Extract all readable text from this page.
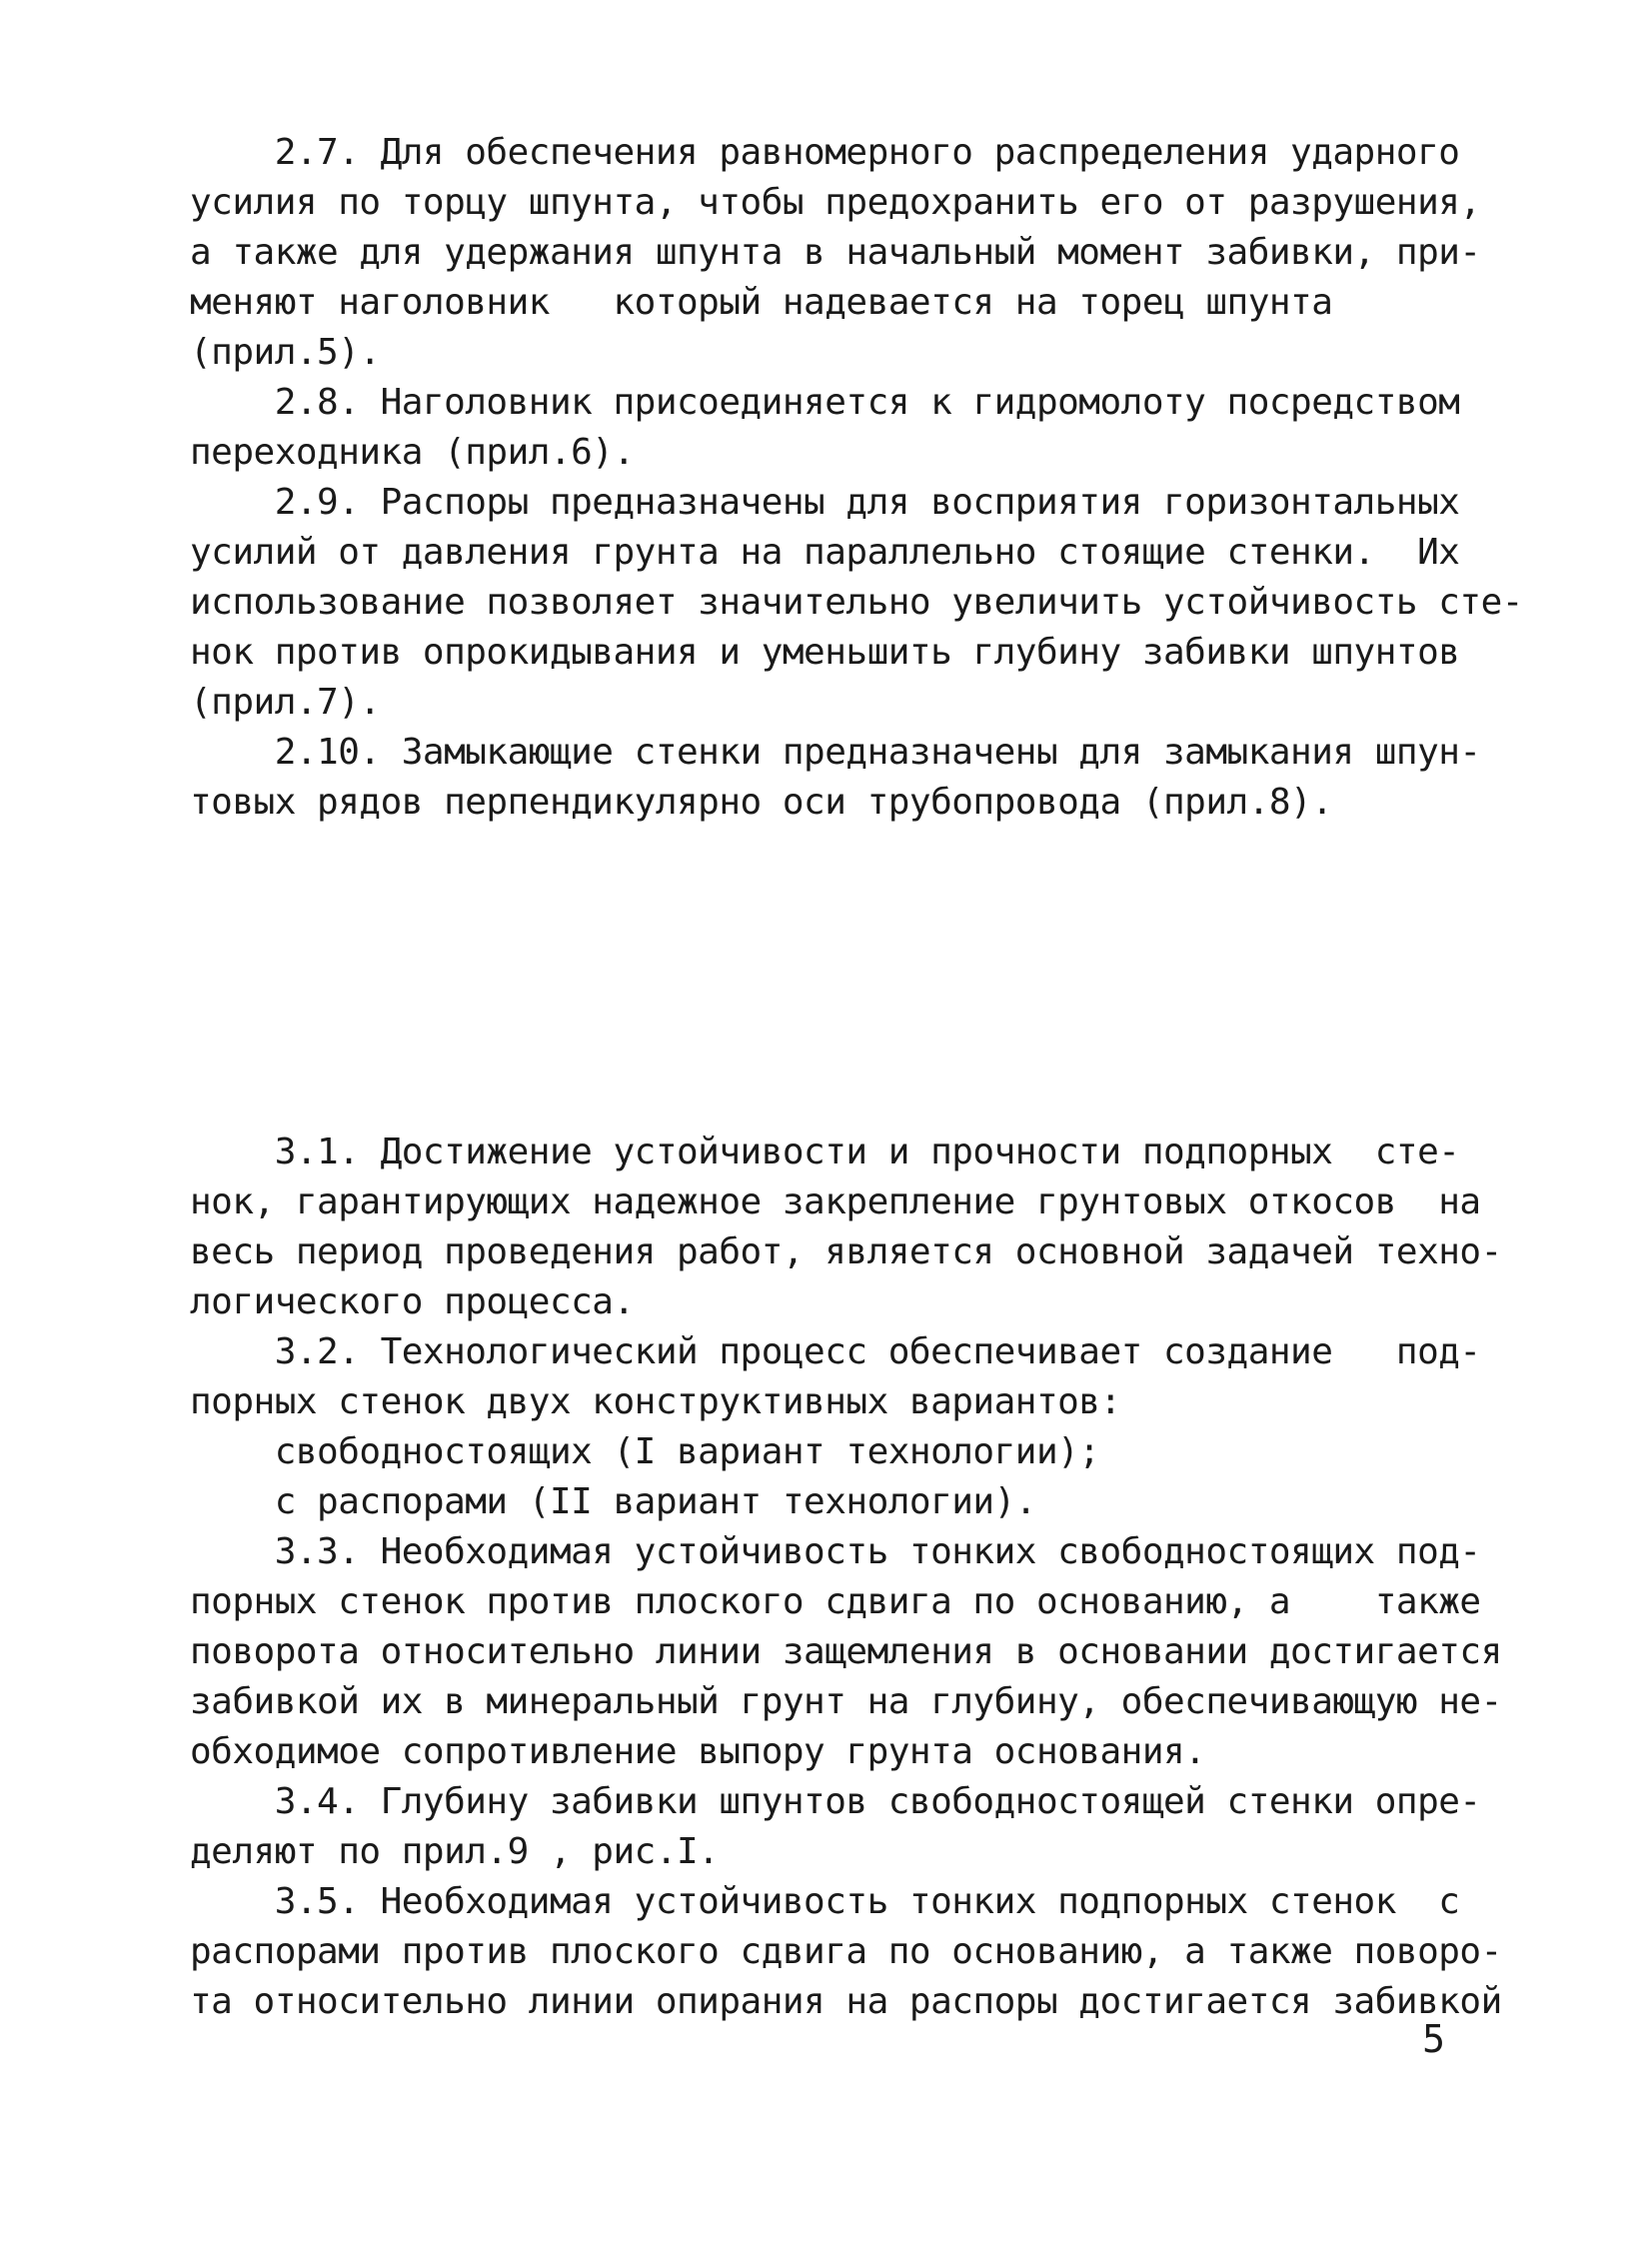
2.7. Для обеспечения равномерного распределения ударного
усилия по торцу шпунта, чтобы предохранить его от разрушения,
а также для удержания шпунта в начальный момент забивки, при-
меняют наголовник   который надевается на торец шпунта
(прил.5).
2.8. Наголовник присоединяется к гидромолоту посредством
переходника (прил.6).
2.9. Распоры предназначены для восприятия горизонтальных
усилий от давления грунта на параллельно стоящие стенки.  Их
использование позволяет значительно увеличить устойчивость сте-
нок против опрокидывания и уменьшить глубину забивки шпунтов
(прил.7).
2.10. Замыкающие стенки предназначены для замыкания шпун-
товых рядов перпендикулярно оси трубопровода (прил.8).
3.1. Достижение устойчивости и прочности подпорных  сте-
нок, гарантирующих надежное закрепление грунтовых откосов  на
весь период проведения работ, является основной задачей техно-
логического процесса.
3.2. Технологический процесс обеспечивает создание   под-
порных стенок двух конструктивных вариантов:
свободностоящих (I вариант технологии);
с распорами (II вариант технологии).
3.3. Необходимая устойчивость тонких свободностоящих под-
порных стенок против плоского сдвига по основанию, а    также
поворота относительно линии защемления в основании достигается
забивкой их в минеральный грунт на глубину, обеспечивающую не-
обходимое сопротивление выпору грунта основания.
3.4. Глубину забивки шпунтов свободностоящей стенки опре-
деляют по прил.9 , рис.I.
3.5. Необходимая устойчивость тонких подпорных стенок  с
распорами против плоского сдвига по основанию, а также поворо-
та относительно линии опирания на распоры достигается забивкой
5
